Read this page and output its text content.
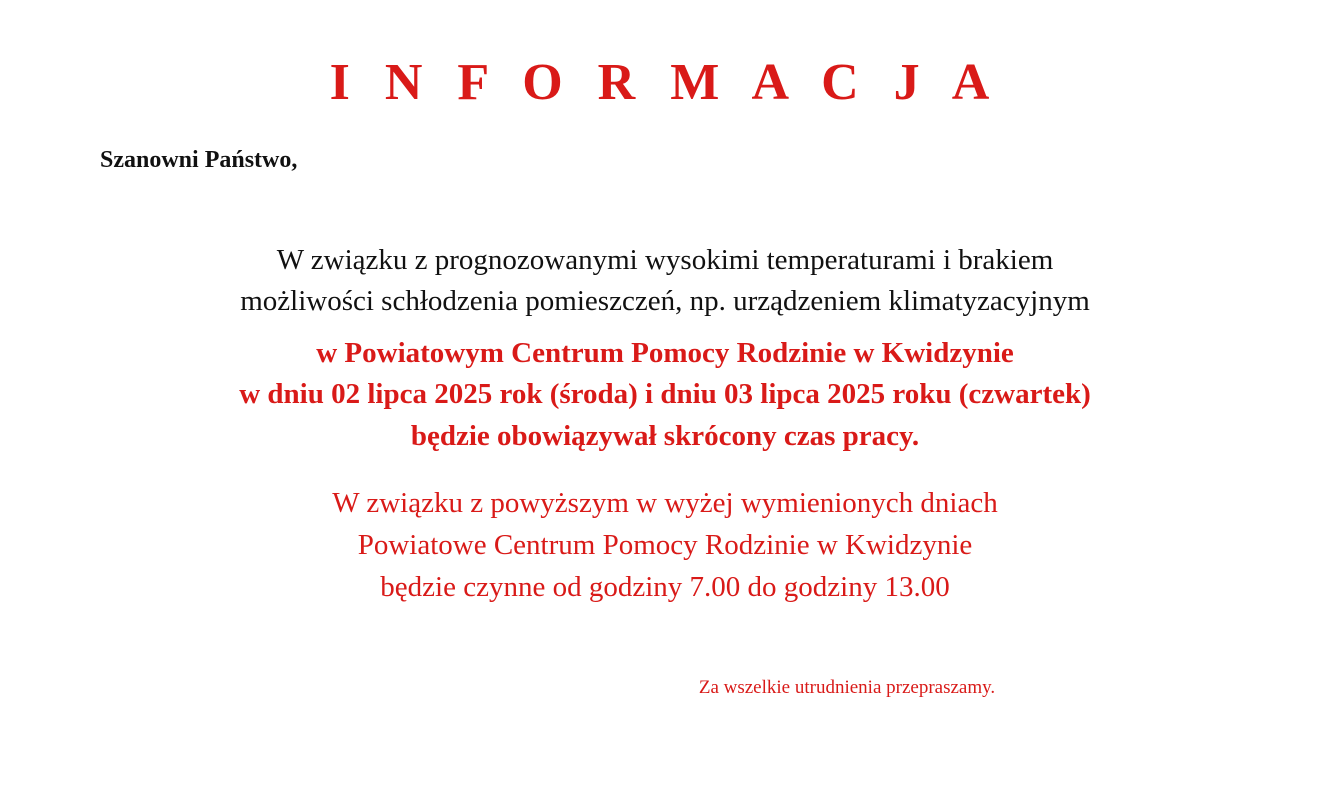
I N F O R M A C J A

Szanowni Państwo,

W związku z prognozowanymi wysokimi temperaturami i brakiem
możliwości schłodzenia pomieszczeń, np. urządzeniem klimatyzacyjnym

w Powiatowym Centrum Pomocy Rodzinie w Kwidzynie
w dniu 02 lipca 2025 rok (środa) i dniu 03 lipca 2025 roku (czwartek)
będzie obowiązywał skrócony czas pracy.

W związku z powyższym w wyżej wymienionych dniach
Powiatowe Centrum Pomocy Rodzinie w Kwidzynie
będzie czynne od godziny 7.00 do godziny 13.00

Za wszelkie utrudnienia przepraszamy.
